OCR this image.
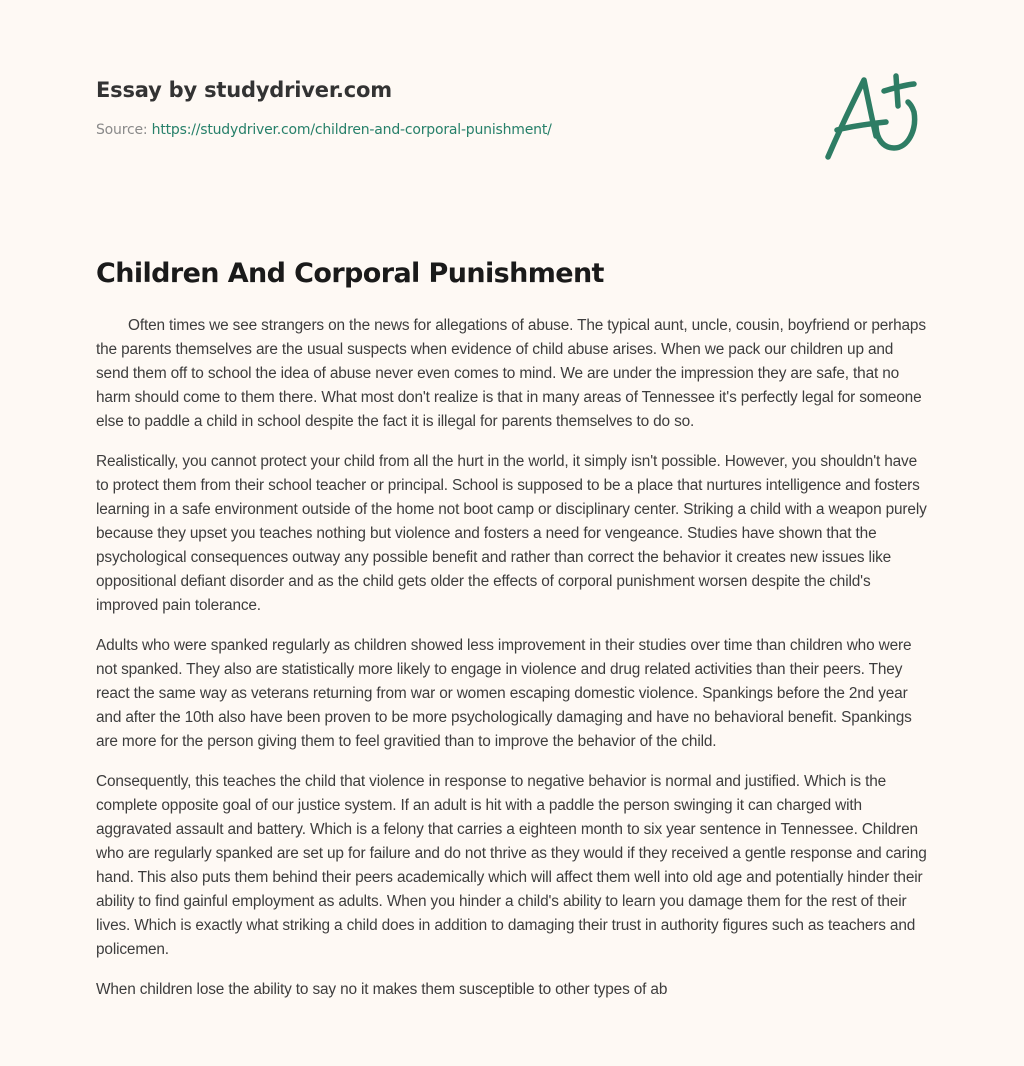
Essay by studydriver.com
Source: https://studydriver.com/children-and-corporal-punishment/
Children And Corporal Punishment

Often times we see strangers on the news for allegations of abuse. The typical aunt, uncle, cousin, boyfriend or perhaps the parents themselves are the usual suspects when evidence of child abuse arises. When we pack our children up and send them off to school the idea of abuse never even comes to mind. We are under the impression they are safe, that no harm should come to them there. What most don't realize is that in many areas of Tennessee it's perfectly legal for someone else to paddle a child in school despite the fact it is illegal for parents themselves to do so.

Realistically, you cannot protect your child from all the hurt in the world, it simply isn't possible. However, you shouldn't have to protect them from their school teacher or principal. School is supposed to be a place that nurtures intelligence and fosters learning in a safe environment outside of the home not boot camp or disciplinary center. Striking a child with a weapon purely because they upset you teaches nothing but violence and fosters a need for vengeance. Studies have shown that the psychological consequences outway any possible benefit and rather than correct the behavior it creates new issues like oppositional defiant disorder and as the child gets older the effects of corporal punishment worsen despite the child's improved pain tolerance.

Adults who were spanked regularly as children showed less improvement in their studies over time than children who were not spanked. They also are statistically more likely to engage in violence and drug related activities than their peers. They react the same way as veterans returning from war or women escaping domestic violence. Spankings before the 2nd year and after the 10th also have been proven to be more psychologically damaging and have no behavioral benefit. Spankings are more for the person giving them to feel gravitied than to improve the behavior of the child.

Consequently, this teaches the child that violence in response to negative behavior is normal and justified. Which is the complete opposite goal of our justice system. If an adult is hit with a paddle the person swinging it can charged with aggravated assault and battery. Which is a felony that carries a eighteen month to six year sentence in Tennessee. Children who are regularly spanked are set up for failure and do not thrive as they would if they received a gentle response and caring hand. This also puts them behind their peers academically which will affect them well into old age and potentially hinder their ability to find gainful employment as adults. When you hinder a child's ability to learn you damage them for the rest of their lives. Which is exactly what striking a child does in addition to damaging their trust in authority figures such as teachers and policemen.

When children lose the ability to say no it makes them susceptible to other types of ab
